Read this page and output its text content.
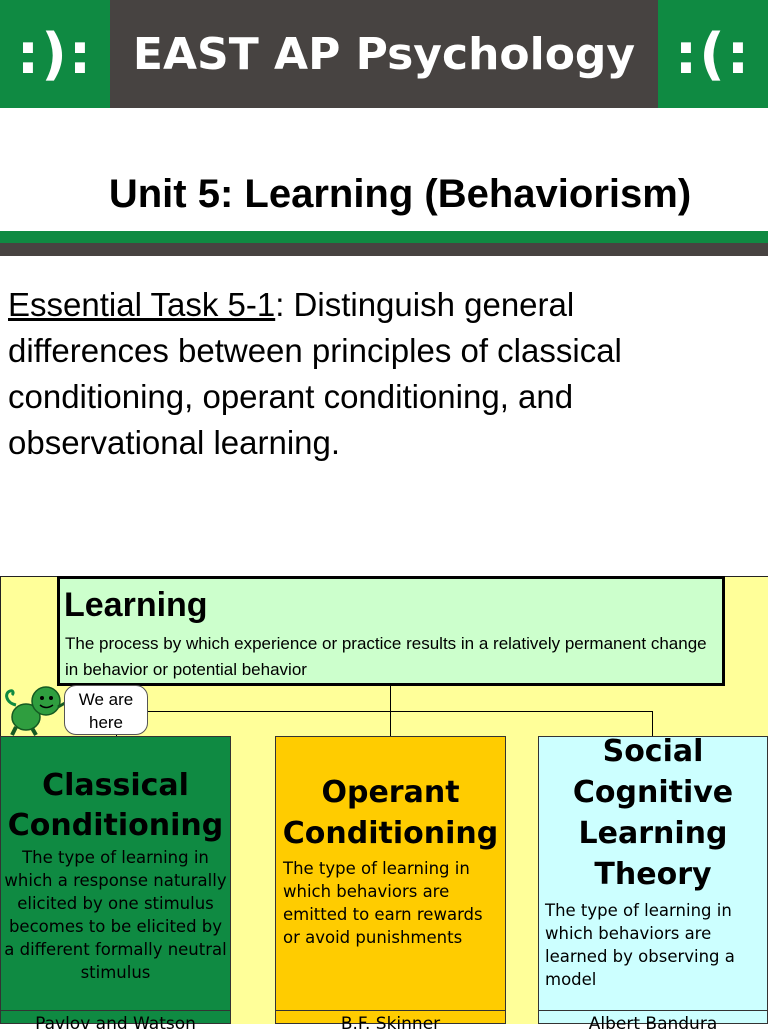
:): EAST AP Psychology :(:
Unit 5: Learning (Behaviorism)
Essential Task 5-1: Distinguish general differences between principles of classical conditioning, operant conditioning, and observational learning.
Learning
The process by which experience or practice results in a relatively permanent change in behavior or potential behavior
We are here
Classical Conditioning
Operant Conditioning
Social Cognitive Learning Theory
The type of learning in which a response naturally elicited by one stimulus becomes to be elicited by a different formally neutral stimulus
The type of learning in which behaviors are emitted to earn rewards or avoid punishments
The type of learning in which behaviors are learned by observing a model
Pavlov and Watson	B.F. Skinner	Albert Bandura
